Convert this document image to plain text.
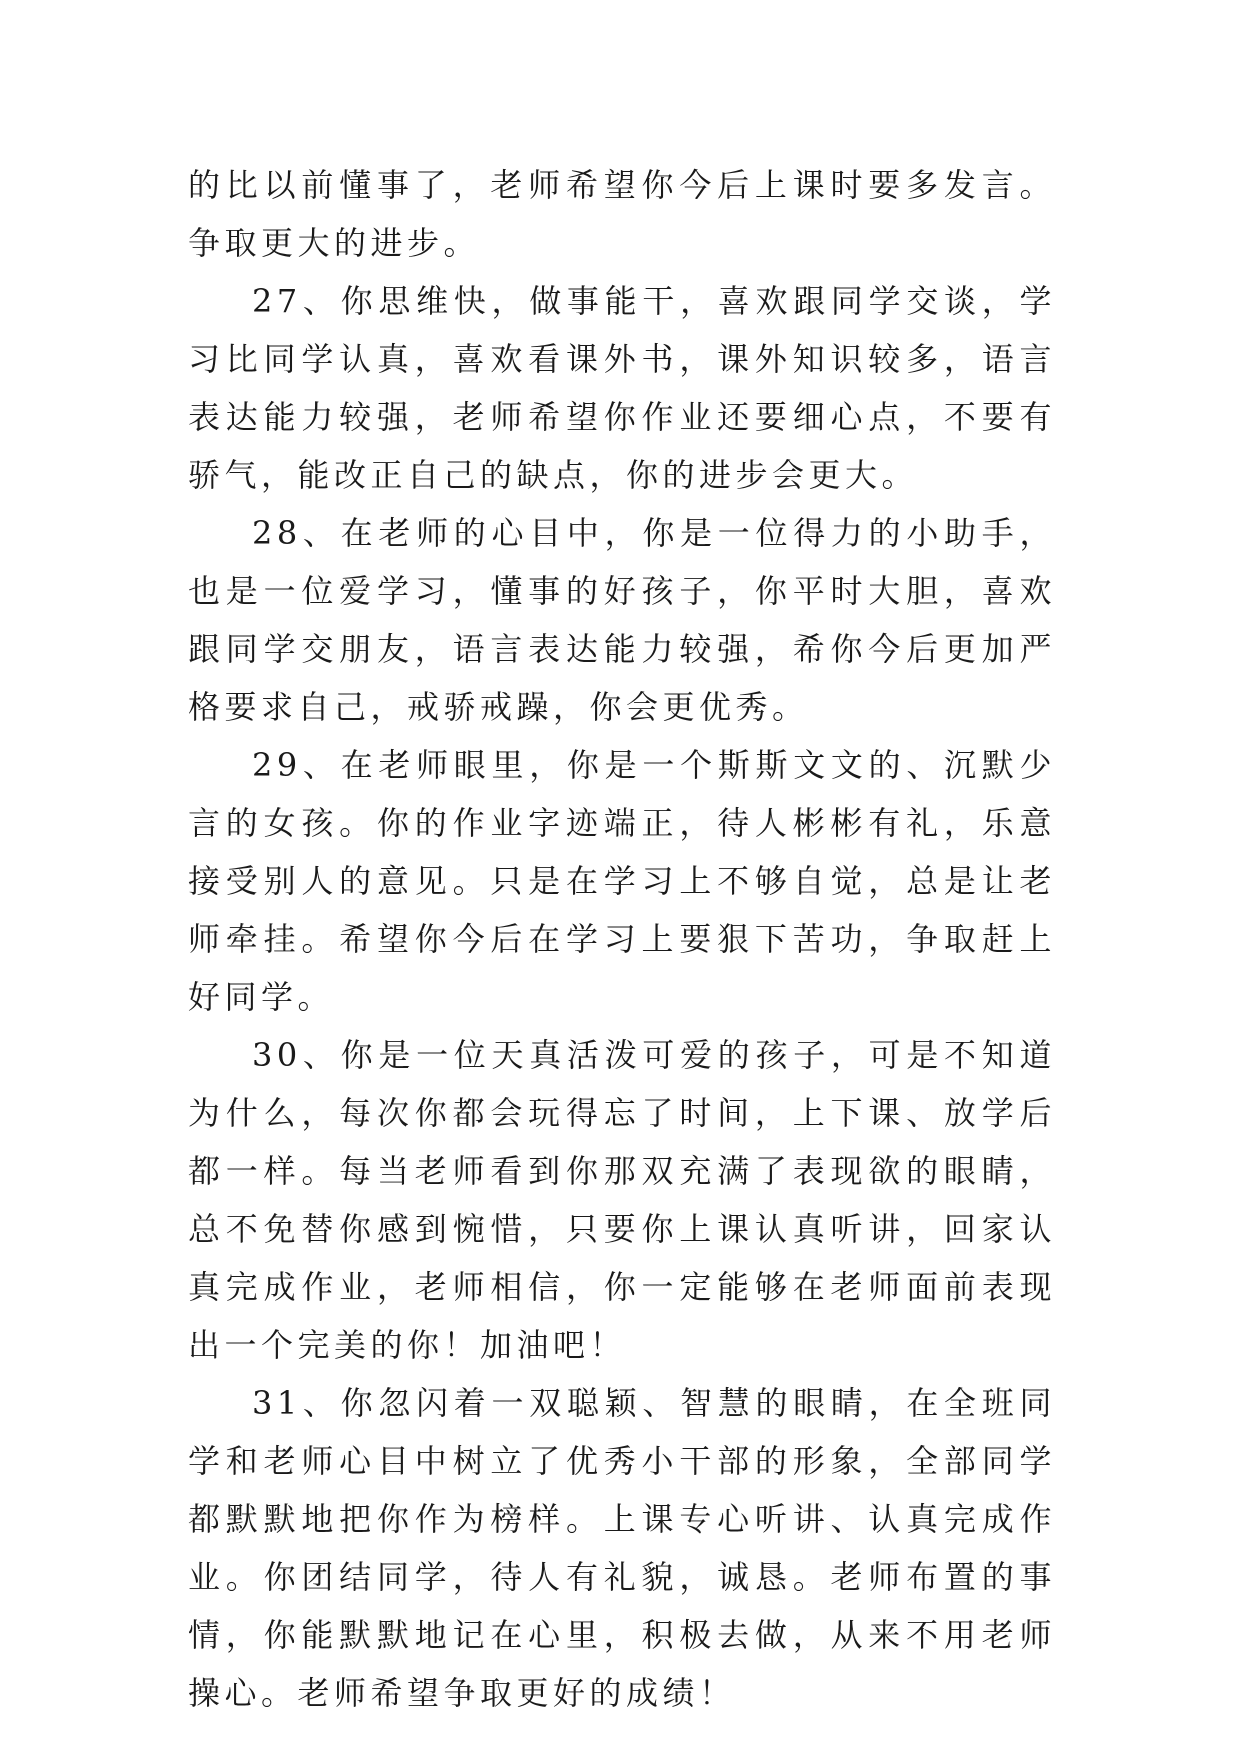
的比以前懂事了，老师希望你今后上课时要多发言。争取更大的进步。

27、你思维快，做事能干，喜欢跟同学交谈，学习比同学认真，喜欢看课外书，课外知识较多，语言表达能力较强，老师希望你作业还要细心点，不要有骄气，能改正自己的缺点，你的进步会更大。

28、在老师的心目中，你是一位得力的小助手，也是一位爱学习，懂事的好孩子，你平时大胆，喜欢跟同学交朋友，语言表达能力较强，希你今后更加严格要求自己，戒骄戒躁，你会更优秀。

29、在老师眼里，你是一个斯斯文文的、沉默少言的女孩。你的作业字迹端正，待人彬彬有礼，乐意接受别人的意见。只是在学习上不够自觉，总是让老师牵挂。希望你今后在学习上要狠下苦功，争取赶上好同学。

30、你是一位天真活泼可爱的孩子，可是不知道为什么，每次你都会玩得忘了时间，上下课、放学后都一样。每当老师看到你那双充满了表现欲的眼睛，总不免替你感到惋惜，只要你上课认真听讲，回家认真完成作业，老师相信，你一定能够在老师面前表现出一个完美的你！加油吧！

31、你忽闪着一双聪颖、智慧的眼睛，在全班同学和老师心目中树立了优秀小干部的形象，全部同学都默默地把你作为榜样。上课专心听讲、认真完成作业。你团结同学，待人有礼貌，诚恳。老师布置的事情，你能默默地记在心里，积极去做，从来不用老师操心。老师希望争取更好的成绩！
